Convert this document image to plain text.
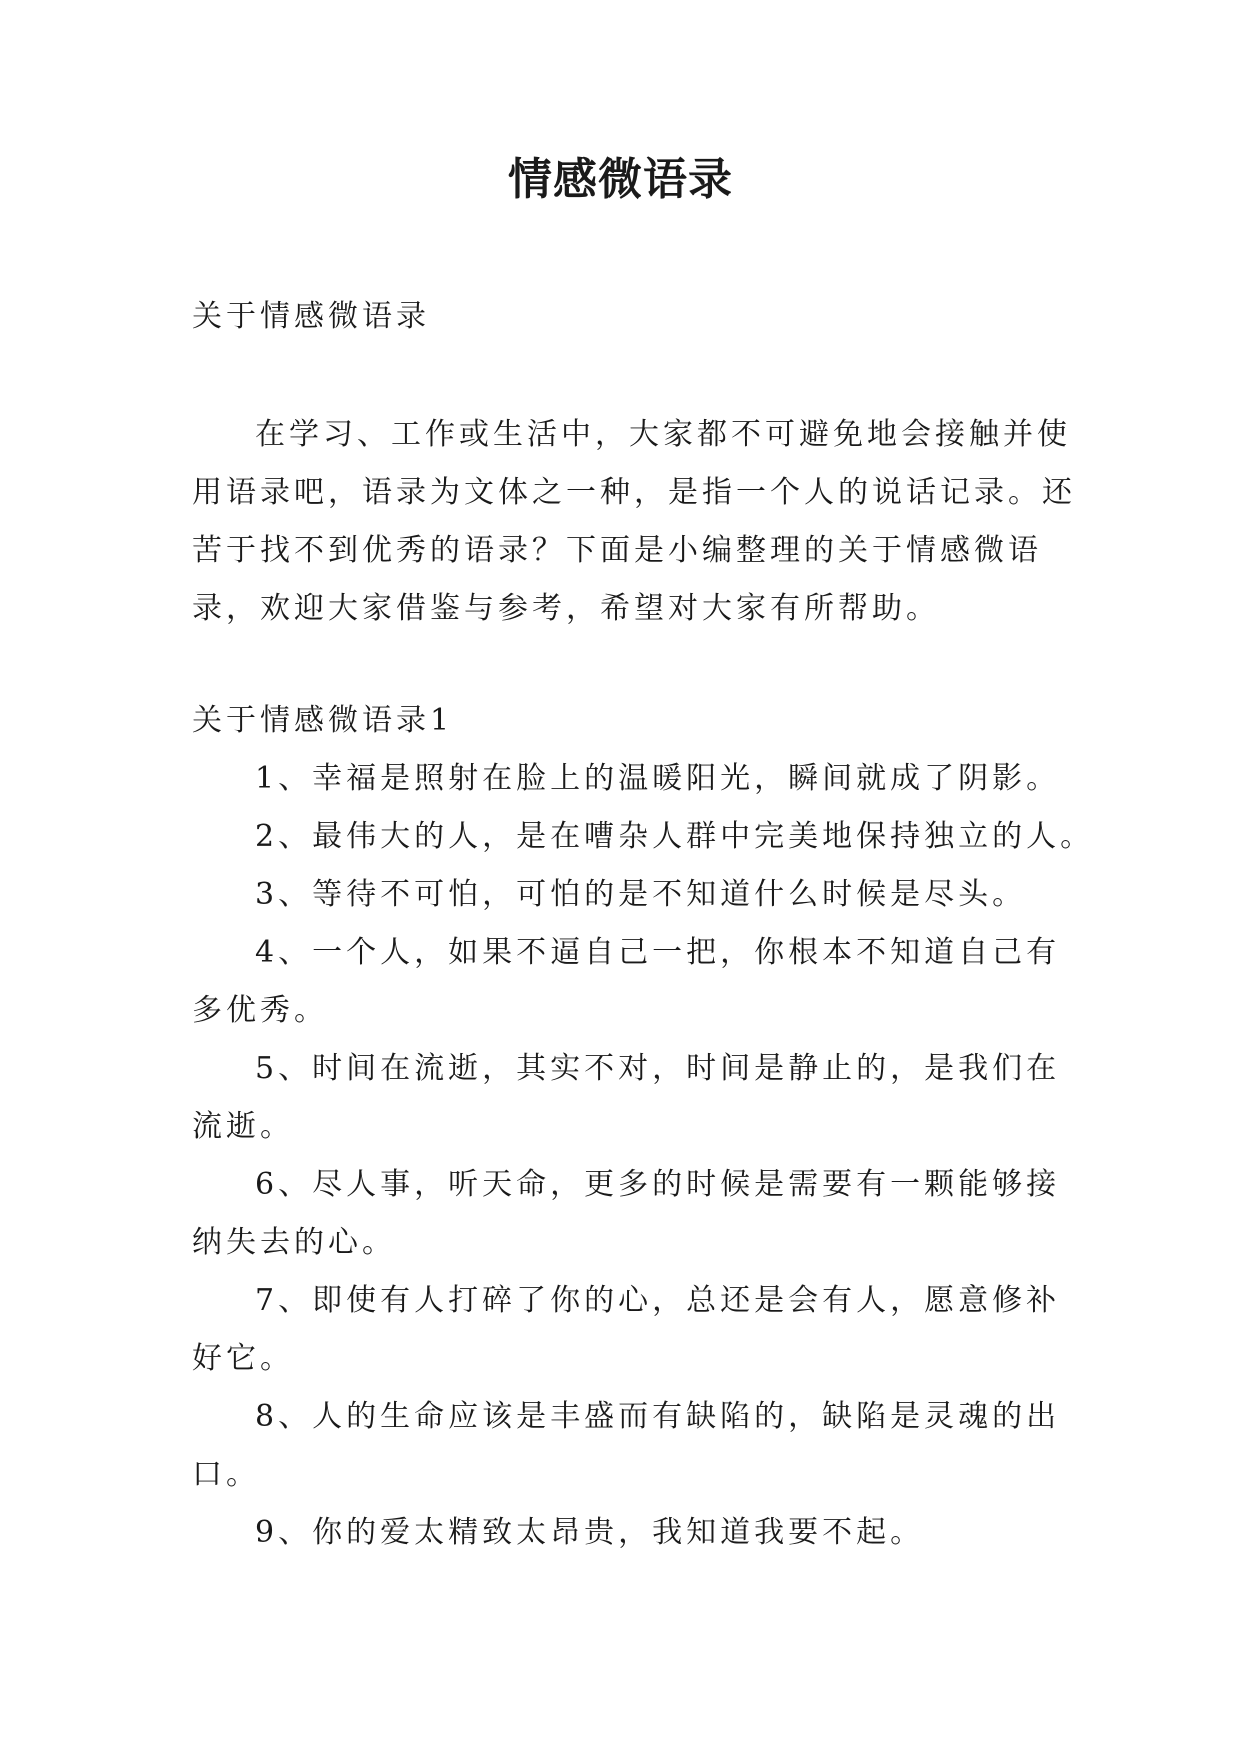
情感微语录

关于情感微语录

在学习、工作或生活中，大家都不可避免地会接触并使

用语录吧，语录为文体之一种，是指一个人的说话记录。还

苦于找不到优秀的语录？下面是小编整理的关于情感微语

录，欢迎大家借鉴与参考，希望对大家有所帮助。

关于情感微语录1

1、幸福是照射在脸上的温暖阳光，瞬间就成了阴影。

2、最伟大的人，是在嘈杂人群中完美地保持独立的人。

3、等待不可怕，可怕的是不知道什么时候是尽头。

4、一个人，如果不逼自己一把，你根本不知道自己有

多优秀。

5、时间在流逝，其实不对，时间是静止的，是我们在

流逝。

6、尽人事，听天命，更多的时候是需要有一颗能够接

纳失去的心。

7、即使有人打碎了你的心，总还是会有人，愿意修补

好它。

8、人的生命应该是丰盛而有缺陷的，缺陷是灵魂的出

口。

9、你的爱太精致太昂贵，我知道我要不起。
